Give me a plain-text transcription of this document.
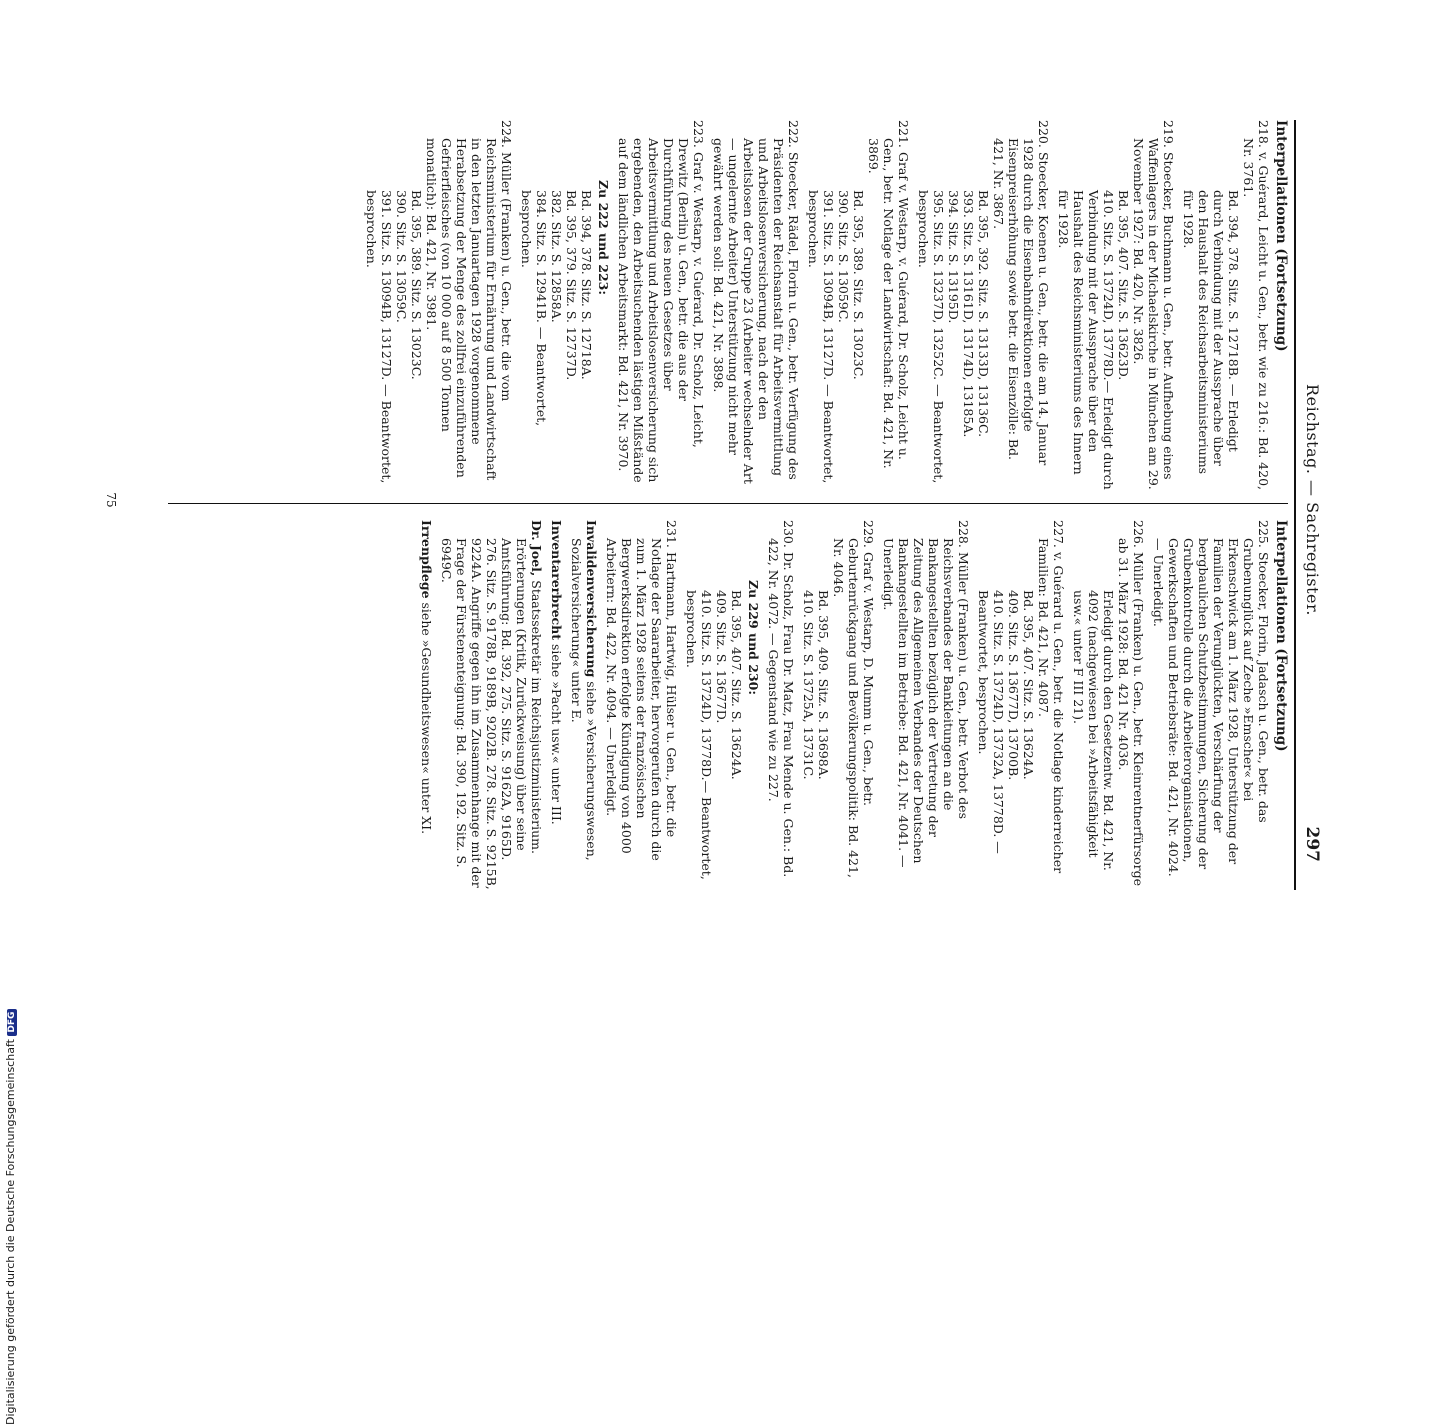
Reichstag. — Sachregister.
297
Interpellationen (Fortsetzung)
218. v. Guérard, Leicht u. Gen., betr. wie zu 216.: Bd. 420, Nr. 3761.
Bd. 394, 378. Sitz. S. 12718B. — Erledigt durch Verbindung mit der Aussprache über den Haushalt des Reichsarbeitsministeriums für 1928.
219. Stoecker, Buchmann u. Gen., betr. Aufhebung eines Waffenlagers in der Michaelskirche in München am 29. November 1927: Bd. 420, Nr. 3826.
Bd. 395, 407. Sitz. S. 13623D.
410. Sitz. S. 13724D, 13778D.— Erledigt durch Verbindung mit der Aussprache über den Haushalt des Reichsministeriums des Innern für 1928.
220. Stoecker, Koenen u. Gen., betr. die am 14. Januar 1928 durch die Eisenbahndirektionen erfolgte Eisenpreiserhöhung sowie betr. die Eisenzölle: Bd. 421, Nr. 3867.
Bd. 395, 392. Sitz. S. 13133D, 13136C.
393. Sitz. S. 13161D, 13174D, 13185A.
394. Sitz. S. 13195D.
395. Sitz. S. 13237D, 13252C. — Beantwortet, besprochen.
221. Graf v. Westarp, v. Guérard, Dr. Scholz, Leicht u. Gen., betr. Notlage der Landwirtschaft: Bd. 421, Nr. 3869.
Bd. 395, 389. Sitz. S. 13023C.
390. Sitz. S. 13059C.
391. Sitz. S. 13094B, 13127D. — Beantwortet, besprochen.
222. Stoecker, Rädel, Florin u. Gen., betr. Verfügung des Präsidenten der Reichsanstalt für Arbeitsvermittlung und Arbeitslosenversicherung, nach der den Arbeitslosen der Gruppe 23 (Arbeiter wechselnder Art — ungelernte Arbeiter) Unterstützung nicht mehr gewährt werden soll: Bd. 421, Nr. 3898.
223. Graf v. Westarp, v. Guérard, Dr. Scholz, Leicht, Drewitz (Berlin) u. Gen., betr. die aus der Durchführung des neuen Gesetzes über Arbeitsvermittlung und Arbeitslosenversicherung sich ergebenden, den Arbeitsuchenden lästigen Mißstände auf dem ländlichen Arbeitsmarkt: Bd. 421, Nr. 3970.
Zu 222 und 223:
Bd. 394, 378. Sitz. S. 12718A.
Bd. 395, 379. Sitz. S. 12737D.
382. Sitz. S. 12858A.
384. Sitz. S. 12941B. — Beantwortet, besprochen.
224. Müller (Franken) u. Gen., betr. die vom Reichsministerium für Ernährung und Landwirtschaft in den letzten Januartagen 1928 vorgenommene Herabsetzung der Menge des zollfrei einzuführenden Gefrierfleisches (von 10 000 auf 8 500 Tonnen monatlich): Bd. 421, Nr. 3981.
Bd. 395, 389. Sitz. S. 13023C.
390. Sitz. S. 13059C.
391. Sitz. S. 13094B, 13127D. — Beantwortet, besprochen.
Interpellationen (Fortsetzung)
225. Stoecker, Florin, Jadasch u. Gen., betr. das Grubenunglück auf Zeche »Emscher« bei Erkenschwick am 1. März 1928, Unterstützung der Familien der Verunglückten, Verschärfung der bergbaulichen Schutzbestimmungen, Sicherung der Grubenkontrolle durch die Arbeiterorganisationen, Gewerkschaften und Betriebsräte: Bd. 421, Nr. 4024. — Unerledigt.
226. Müller (Franken) u. Gen., betr. Kleinrentnerfürsorge ab 31. März 1928: Bd. 421 Nr. 4036.
Erledigt durch den Gesetzentw. Bd. 421, Nr. 4092 (nachgewiesen bei »Arbeitsfähigkeit usw.« unter F III 21).
227. v. Guérard u. Gen., betr. die Notlage kinderreicher Familien: Bd. 421, Nr. 4087.
Bd. 395, 407. Sitz. S. 13624A.
409. Sitz. S. 13677D, 13700B.
410. Sitz. S. 13724D, 13732A, 13778D. — Beantwortet, besprochen.
228. Müller (Franken) u. Gen., betr. Verbot des Reichsverbandes der Bankleitungen an die Bankangestellten bezüglich der Vertretung der Zeitung des Allgemeinen Verbandes der Deutschen Bankangestellten im Betriebe: Bd. 421, Nr. 4041. — Unerledigt.
229. Graf v. Westarp, D. Mumm u. Gen., betr. Geburtenrückgang und Bevölkerungspolitik: Bd. 421, Nr. 4046.
Bd. 395, 409. Sitz. S. 13698A.
410. Sitz. S. 13725A, 13731C.
230. Dr. Scholz, Frau Dr. Matz, Frau Mende u. Gen.: Bd. 422, Nr. 4072. — Gegenstand wie zu 227.
Zu 229 und 230:
Bd. 395, 407. Sitz. S. 13624A.
409. Sitz. S. 13677D.
410. Sitz. S. 13724D, 13778D.— Beantwortet, besprochen.
231. Hartmann, Hartwig, Hülser u. Gen., betr. die Notlage der Saararbeiter, hervorgerufen durch die zum 1. März 1928 seitens der französischen Bergwerksdirektion erfolgte Kündigung von 4000 Arbeitern: Bd. 422, Nr. 4094. — Unerledigt.
Invalidenversicherung siehe »Versicherungswesen, Sozialversicherung« unter E.
Inventarerbrecht siehe »Pacht usw.« unter III.
Dr. Joel, Staatssekretär im Reichsjustizministerium. Erörterungen (Kritik, Zurückweisung) über seine Amtsführung: Bd. 392, 275. Sitz. S. 9162A, 9165D. 276. Sitz. S. 9178B, 9189B, 9202B. 278. Sitz. S. 9215B, 9224A. Angriffe gegen ihn im Zusammenhange mit der Frage der Fürstenenteignung: Bd. 390, 192. Sitz. S. 6949C.
Irrenpflege siehe »Gesundheitswesen« unter XI.
75
Digitalisierung gefördert durch die Deutsche Forschungsgemeinschaft DFG
